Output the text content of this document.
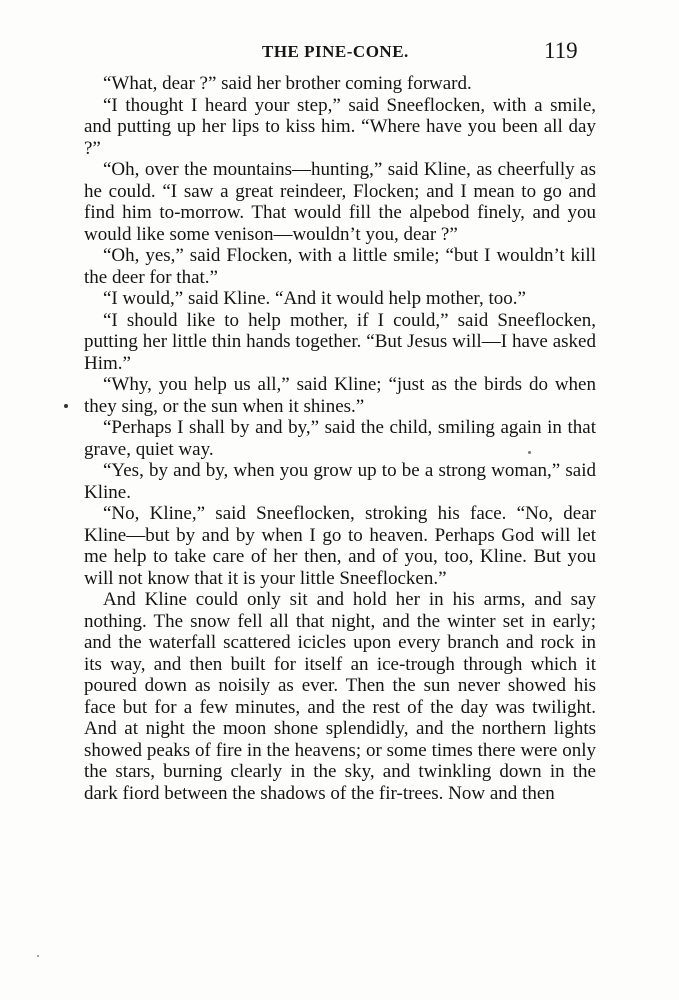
THE PINE-CONE.	119

“What, dear ?” said her brother coming forward.

“I thought I heard your step,” said Sneeflocken, with a smile, and putting up her lips to kiss him. “Where have you been all day ?”

“Oh, over the mountains—hunting,” said Kline, as cheerfully as he could. “I saw a great reindeer, Flocken; and I mean to go and find him to-morrow. That would fill the alpebod finely, and you would like some venison—wouldn’t you, dear ?”

“Oh, yes,” said Flocken, with a little smile; “but I wouldn’t kill the deer for that.”

“I would,” said Kline. “And it would help mother, too.”

“I should like to help mother, if I could,” said Sneeflocken, putting her little thin hands together. “But Jesus will—I have asked Him.”

“Why, you help us all,” said Kline; “just as the birds do when they sing, or the sun when it shines.”

“Perhaps I shall by and by,” said the child, smiling again in that grave, quiet way.

“Yes, by and by, when you grow up to be a strong woman,” said Kline.

“No, Kline,” said Sneeflocken, stroking his face. “No, dear Kline—but by and by when I go to heaven. Perhaps God will let me help to take care of her then, and of you, too, Kline. But you will not know that it is your little Sneeflocken.”

And Kline could only sit and hold her in his arms, and say nothing. The snow fell all that night, and the winter set in early; and the waterfall scattered icicles upon every branch and rock in its way, and then built for itself an ice-trough through which it poured down as noisily as ever. Then the sun never showed his face but for a few minutes, and the rest of the day was twilight. And at night the moon shone splendidly, and the northern lights showed peaks of fire in the heavens; or some times there were only the stars, burning clearly in the sky, and twinkling down in the dark fiord between the shadows of the fir-trees. Now and then
